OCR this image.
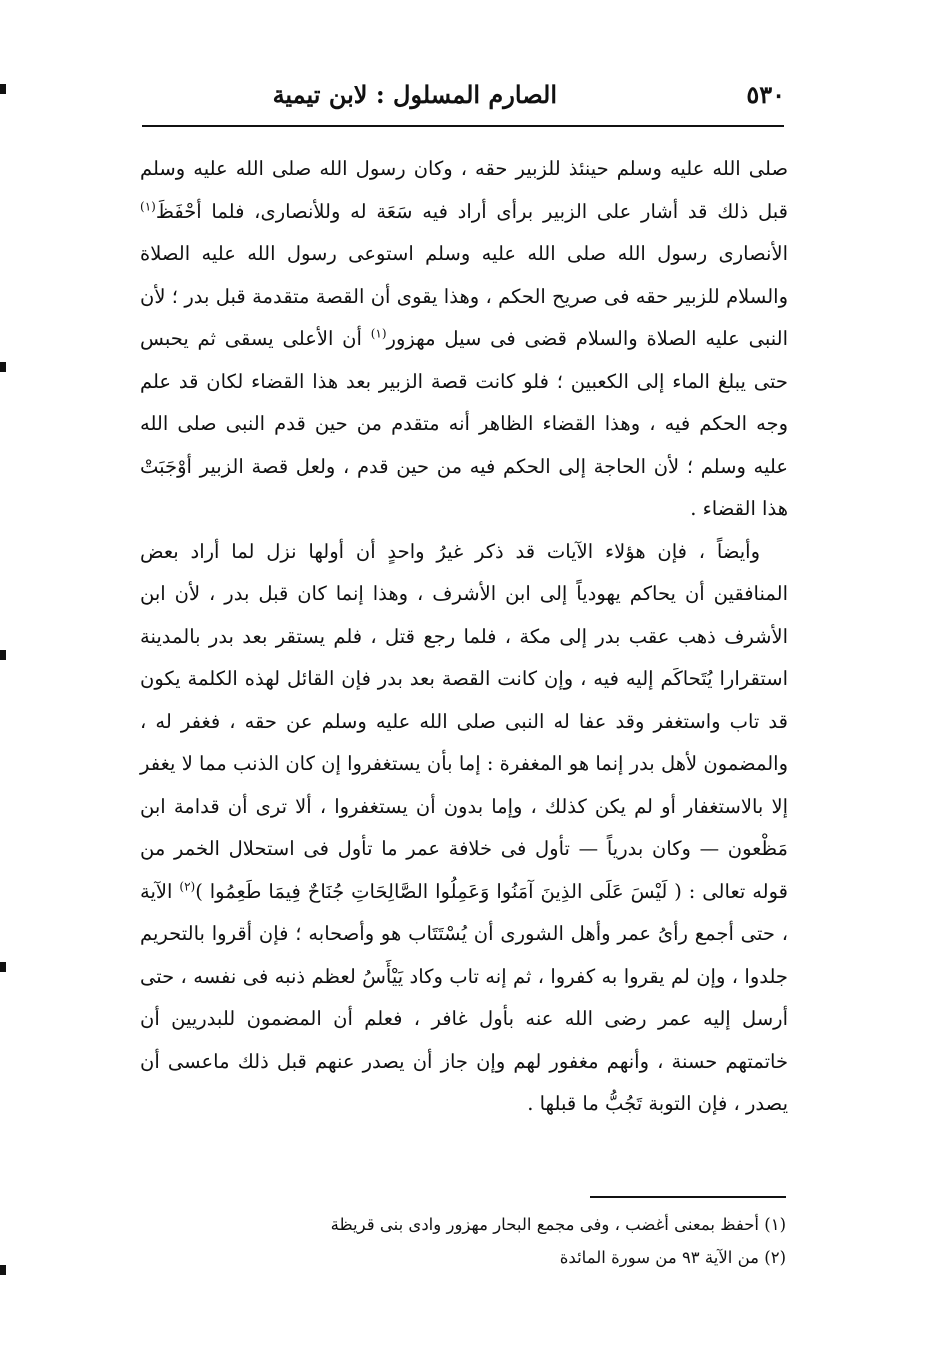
٥٣٠
الصارم المسلول : لابن تيمية

صلى الله عليه وسلم حينئذ للزبير حقه ، وكان رسول الله صلى الله عليه وسلم قبل ذلك قد أشار على الزبير برأى أراد فيه سَعَة له وللأنصارى، فلما أحْفَظَ$^{(١)}$ الأنصارى رسول الله صلى الله عليه وسلم استوعى رسول الله عليه الصلاة والسلام للزبير حقه فى صريح الحكم ، وهذا يقوى أن القصة متقدمة قبل بدر ؛ لأن النبى عليه الصلاة والسلام قضى فى سيل مهزور$^{(١)}$ أن الأعلى يسقى ثم يحبس حتى يبلغ الماء إلى الكعبين ؛ فلو كانت قصة الزبير بعد هذا القضاء لكان قد علم وجه الحكم فيه ، وهذا القضاء الظاهر أنه متقدم من حين قدم النبى صلى الله عليه وسلم ؛ لأن الحاجة إلى الحكم فيه من حين قدم ، ولعل قصة الزبير أوْجَبَتْ هذا القضاء .

وأيضاً ، فإن هؤلاء الآيات قد ذكر غيرُ واحدٍ أن أولها نزل لما أراد بعض المنافقين أن يحاكم يهودياً إلى ابن الأشرف ، وهذا إنما كان قبل بدر ، لأن ابن الأشرف ذهب عقب بدر إلى مكة ، فلما رجع قتل ، فلم يستقر بعد بدر بالمدينة استقرارا يُتَحاكَم إليه فيه ، وإن كانت القصة بعد بدر فإن القائل لهذه الكلمة يكون قد تاب واستغفر وقد عفا له النبى صلى الله عليه وسلم عن حقه ، فغفر له ، والمضمون لأهل بدر إنما هو المغفرة : إما بأن يستغفروا إن كان الذنب مما لا يغفر إلا بالاستغفار أو لم يكن كذلك ، وإما بدون أن يستغفروا ، ألا ترى أن قدامة ابن مَظْعون — وكان بدرياً — تأول فى خلافة عمر ما تأول فى استحلال الخمر من قوله تعالى : ( لَيْسَ عَلَى الذِينَ آمَنُوا وَعَمِلُوا الصَّالِحَاتِ جُنَاحٌ فِيمَا طَعِمُوا )$^{(٢)}$ الآية ، حتى أجمع رأىُ عمر وأهل الشورى أن يُسْتَتَاب هو وأصحابه ؛ فإن أقروا بالتحريم جلدوا ، وإن لم يقروا به كفروا ، ثم إنه تاب وكاد يَيْأَسُ لعظم ذنبه فى نفسه ، حتى أرسل إليه عمر رضى الله عنه بأول غافر ، فعلم أن المضمون للبدريين أن خاتمتهم حسنة ، وأنهم مغفور لهم وإن جاز أن يصدر عنهم قبل ذلك ماعسى أن يصدر ، فإن التوبة تَجُبُّ ما قبلها .

(١) أحفظ بمعنى أغضب ، وفى مجمع البحار مهزور وادى بنى قريظة

(٢) من الآية ٩٣ من سورة المائدة
